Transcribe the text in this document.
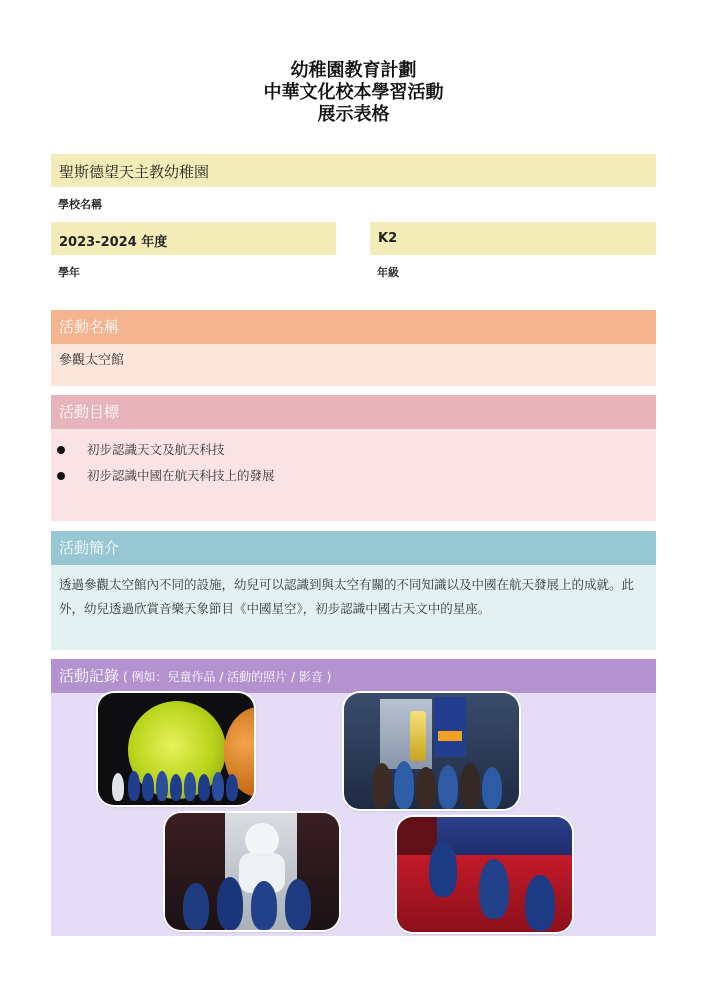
幼稚園教育計劃
中華文化校本學習活動
展示表格
聖斯德望天主教幼稚園
學校名稱
2023-2024 年度
學年
K2
年級
活動名稱
參觀太空館
活動目標
初步認識天文及航天科技
初步認識中國在航天科技上的發展
活動簡介
透過參觀太空館內不同的設施，幼兒可以認識到與太空有關的不同知識以及中國在航天發展上的成就。此外，幼兒透過欣賞音樂天象節目《中國星空》，初步認識中國古天文中的星座。
活動記錄 ( 例如：兒童作品 / 活動的照片 / 影音 )
